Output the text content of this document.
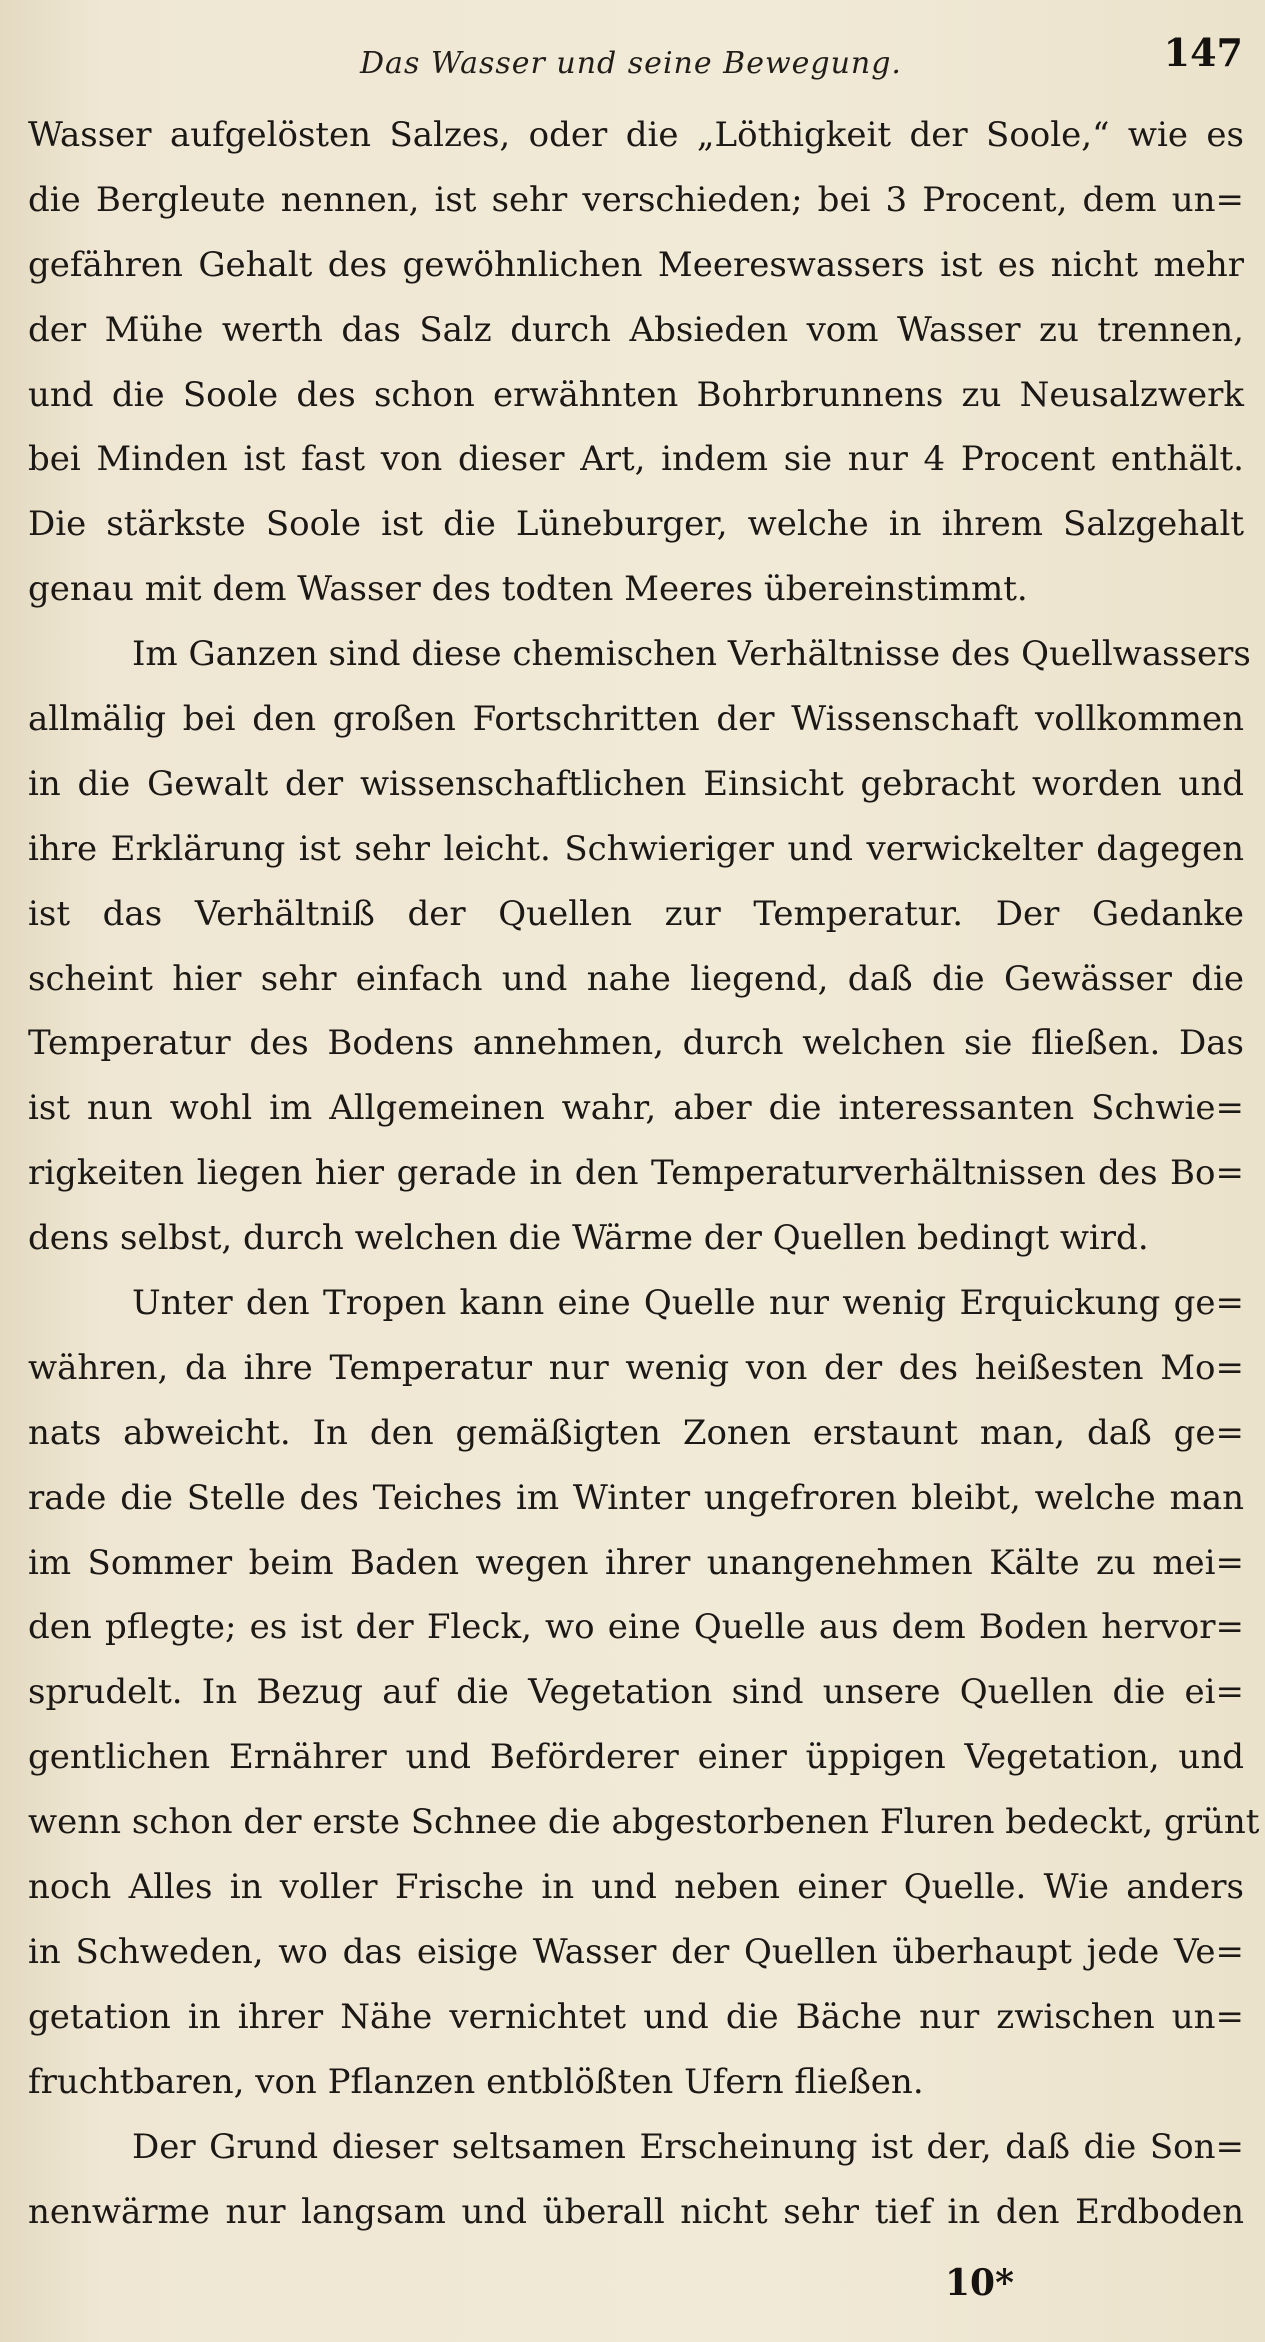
Das Wasser und seine Bewegung.	147
Wasser aufgelösten Salzes, oder die „Löthigkeit der Soole,“ wie es
die Bergleute nennen, ist sehr verschieden; bei 3 Procent, dem un=
gefähren Gehalt des gewöhnlichen Meereswassers ist es nicht mehr
der Mühe werth das Salz durch Absieden vom Wasser zu trennen,
und die Soole des schon erwähnten Bohrbrunnens zu Neusalzwerk
bei Minden ist fast von dieser Art, indem sie nur 4 Procent enthält.
Die stärkste Soole ist die Lüneburger, welche in ihrem Salzgehalt
genau mit dem Wasser des todten Meeres übereinstimmt.
Im Ganzen sind diese chemischen Verhältnisse des Quellwassers
allmälig bei den großen Fortschritten der Wissenschaft vollkommen
in die Gewalt der wissenschaftlichen Einsicht gebracht worden und
ihre Erklärung ist sehr leicht. Schwieriger und verwickelter dagegen
ist das Verhältniß der Quellen zur Temperatur. Der Gedanke
scheint hier sehr einfach und nahe liegend, daß die Gewässer die
Temperatur des Bodens annehmen, durch welchen sie fließen. Das
ist nun wohl im Allgemeinen wahr, aber die interessanten Schwie=
rigkeiten liegen hier gerade in den Temperaturverhältnissen des Bo=
dens selbst, durch welchen die Wärme der Quellen bedingt wird.
Unter den Tropen kann eine Quelle nur wenig Erquickung ge=
währen, da ihre Temperatur nur wenig von der des heißesten Mo=
nats abweicht. In den gemäßigten Zonen erstaunt man, daß ge=
rade die Stelle des Teiches im Winter ungefroren bleibt, welche man
im Sommer beim Baden wegen ihrer unangenehmen Kälte zu mei=
den pflegte; es ist der Fleck, wo eine Quelle aus dem Boden hervor=
sprudelt. In Bezug auf die Vegetation sind unsere Quellen die ei=
gentlichen Ernährer und Beförderer einer üppigen Vegetation, und
wenn schon der erste Schnee die abgestorbenen Fluren bedeckt, grünt
noch Alles in voller Frische in und neben einer Quelle. Wie anders
in Schweden, wo das eisige Wasser der Quellen überhaupt jede Ve=
getation in ihrer Nähe vernichtet und die Bäche nur zwischen un=
fruchtbaren, von Pflanzen entblößten Ufern fließen.
Der Grund dieser seltsamen Erscheinung ist der, daß die Son=
nenwärme nur langsam und überall nicht sehr tief in den Erdboden
10*
